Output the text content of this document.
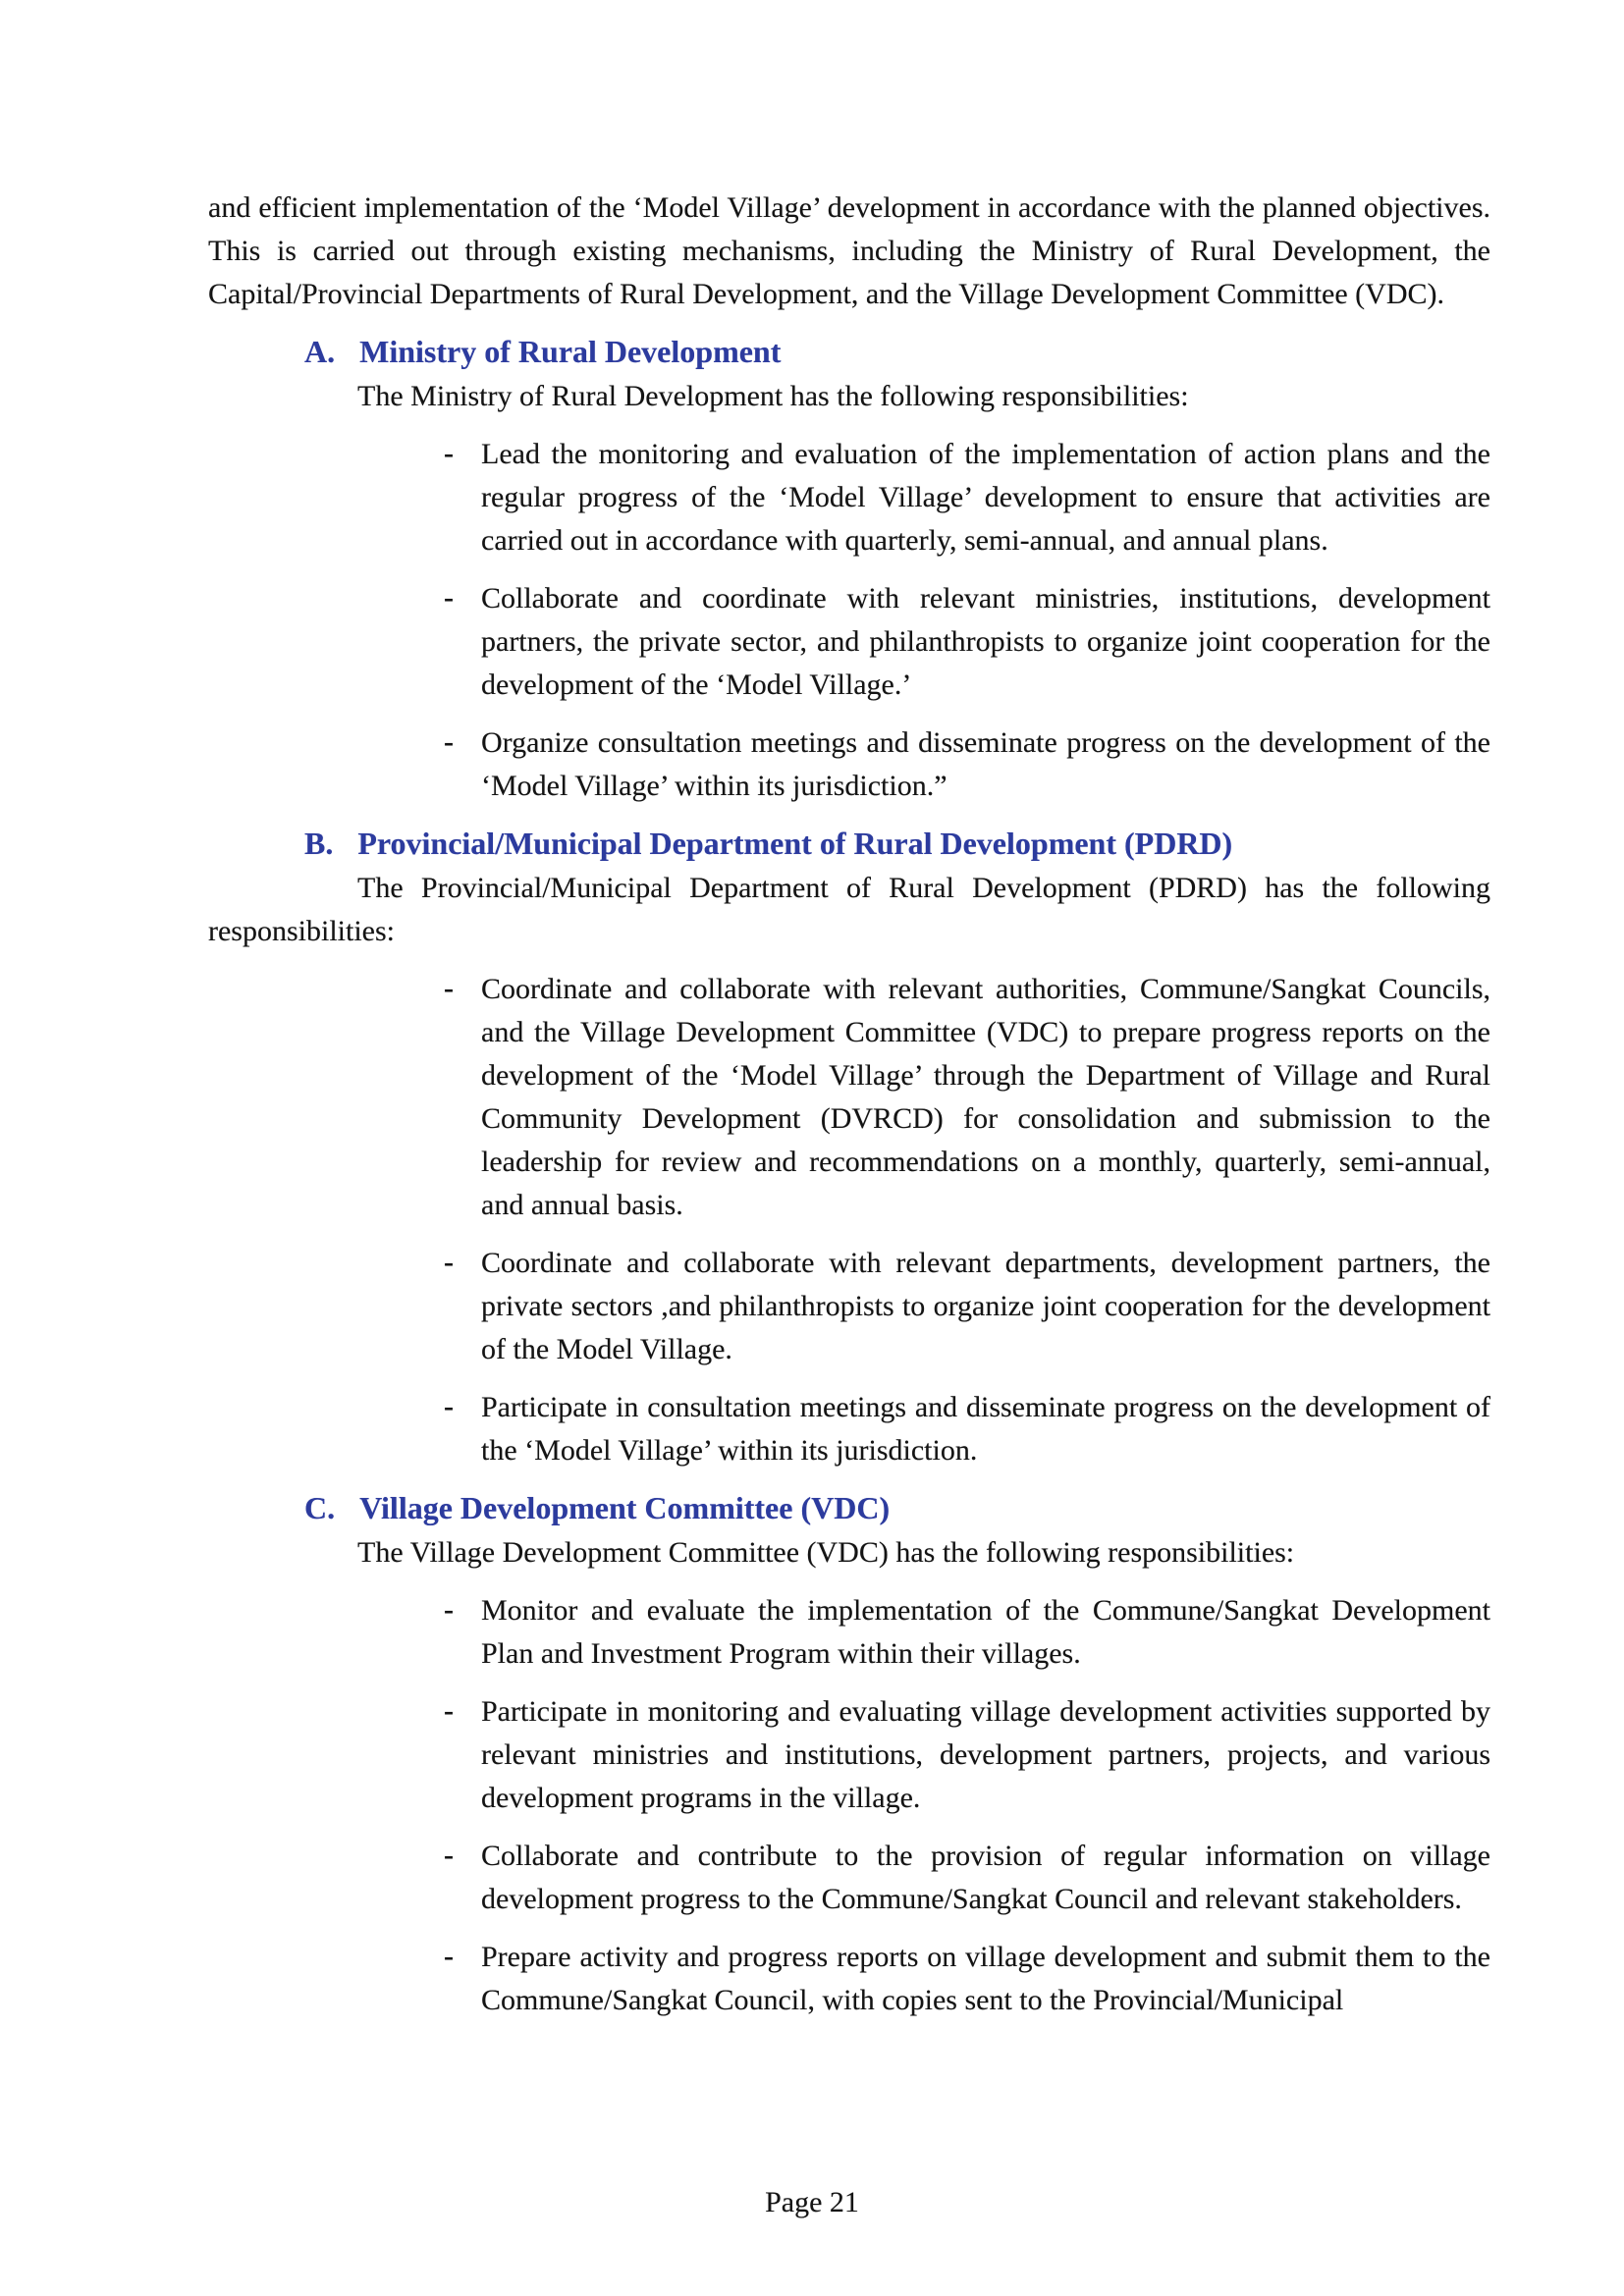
and efficient implementation of the ‘Model Village’ development in accordance with the planned objectives. This is carried out through existing mechanisms, including the Ministry of Rural Development, the Capital/Provincial Departments of Rural Development, and the Village Development Committee (VDC).

A. Ministry of Rural Development

The Ministry of Rural Development has the following responsibilities:

- Lead the monitoring and evaluation of the implementation of action plans and the regular progress of the ‘Model Village’ development to ensure that activities are carried out in accordance with quarterly, semi-annual, and annual plans.
- Collaborate and coordinate with relevant ministries, institutions, development partners, the private sector, and philanthropists to organize joint cooperation for the development of the ‘Model Village.’
- Organize consultation meetings and disseminate progress on the development of the ‘Model Village’ within its jurisdiction.”
B. Provincial/Municipal Department of Rural Development (PDRD)

The Provincial/Municipal Department of Rural Development (PDRD) has the following responsibilities:

- Coordinate and collaborate with relevant authorities, Commune/Sangkat Councils, and the Village Development Committee (VDC) to prepare progress reports on the development of the ‘Model Village’ through the Department of Village and Rural Community Development (DVRCD) for consolidation and submission to the leadership for review and recommendations on a monthly, quarterly, semi-annual, and annual basis.
- Coordinate and collaborate with relevant departments, development partners, the private sectors ,and philanthropists to organize joint cooperation for the development of the Model Village.
- Participate in consultation meetings and disseminate progress on the development of the ‘Model Village’ within its jurisdiction.
C. Village Development Committee (VDC)

The Village Development Committee (VDC) has the following responsibilities:

- Monitor and evaluate the implementation of the Commune/Sangkat Development Plan and Investment Program within their villages.
- Participate in monitoring and evaluating village development activities supported by relevant ministries and institutions, development partners, projects, and various development programs in the village.
- Collaborate and contribute to the provision of regular information on village development progress to the Commune/Sangkat Council and relevant stakeholders.
- Prepare activity and progress reports on village development and submit them to the Commune/Sangkat Council, with copies sent to the Provincial/Municipal
Page 21
